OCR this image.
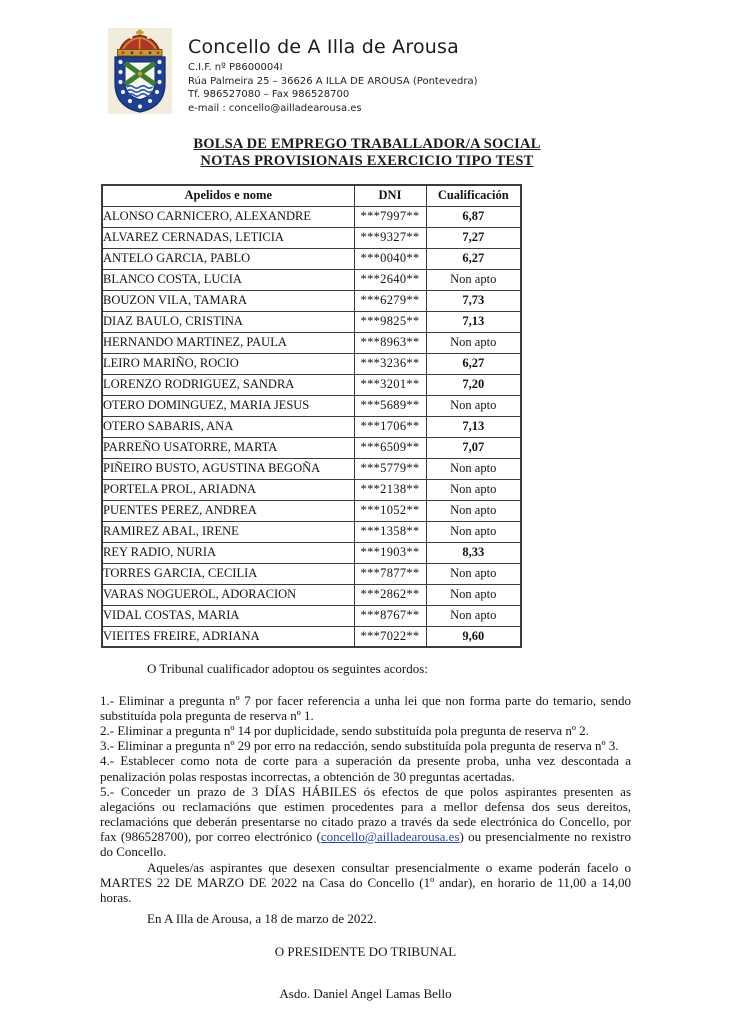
Concello de A Illa de Arousa
C.I.F. nº P8600004I
Rúa Palmeira 25 – 36626 A ILLA DE AROUSA (Pontevedra)
Tf. 986527080 – Fax 986528700
e-mail : concello@ailladearousa.es
BOLSA DE EMPREGO TRABALLADOR/A SOCIAL
NOTAS PROVISIONAIS EXERCICIO TIPO TEST
Apelidos e nome	DNI	Cualificación
ALONSO CARNICERO, ALEXANDRE	***7997**	6,87
ALVAREZ CERNADAS, LETICIA	***9327**	7,27
ANTELO GARCIA, PABLO	***0040**	6,27
BLANCO COSTA, LUCIA	***2640**	Non apto
BOUZON VILA, TAMARA	***6279**	7,73
DIAZ BAULO, CRISTINA	***9825**	7,13
HERNANDO MARTINEZ, PAULA	***8963**	Non apto
LEIRO MARIÑO, ROCIO	***3236**	6,27
LORENZO RODRIGUEZ, SANDRA	***3201**	7,20
OTERO DOMINGUEZ, MARIA JESUS	***5689**	Non apto
OTERO SABARIS, ANA	***1706**	7,13
PARREÑO USATORRE, MARTA	***6509**	7,07
PIÑEIRO BUSTO, AGUSTINA BEGOÑA	***5779**	Non apto
PORTELA PROL, ARIADNA	***2138**	Non apto
PUENTES PEREZ, ANDREA	***1052**	Non apto
RAMIREZ ABAL, IRENE	***1358**	Non apto
REY RADIO, NURIA	***1903**	8,33
TORRES GARCIA, CECILIA	***7877**	Non apto
VARAS NOGUEROL, ADORACION	***2862**	Non apto
VIDAL COSTAS, MARIA	***8767**	Non apto
VIEITES FREIRE, ADRIANA	***7022**	9,60

O Tribunal cualificador adoptou os seguintes acordos:

1.- Eliminar a pregunta nº 7 por facer referencia a unha lei que non forma parte do temario, sendo substituída pola pregunta de reserva nº 1.
2.- Eliminar a pregunta nº 14 por duplicidade, sendo substituída pola pregunta de reserva nº 2.
3.- Eliminar a pregunta nº 29 por erro na redacción, sendo substituída pola pregunta de reserva nº 3.
4.- Establecer como nota de corte para a superación da presente proba, unha vez descontada a penalización polas respostas incorrectas, a obtención de 30 preguntas acertadas.
5.- Conceder un prazo de 3 DÍAS HÁBILES ós efectos de que polos aspirantes presenten as alegacións ou reclamacións que estimen procedentes para a mellor defensa dos seus dereitos, reclamacións que deberán presentarse no citado prazo a través da sede electrónica do Concello, por fax (986528700), por correo electrónico (concello@ailladearousa.es) ou presencialmente no rexistro do Concello.

Aqueles/as aspirantes que desexen consultar presencialmente o exame poderán facelo o MARTES 22 DE MARZO DE 2022 na Casa do Concello (1º andar), en horario de 11,00 a 14,00 horas.

En A Illa de Arousa, a 18 de marzo de 2022.

O PRESIDENTE DO TRIBUNAL

Asdo. Daniel Angel Lamas Bello
